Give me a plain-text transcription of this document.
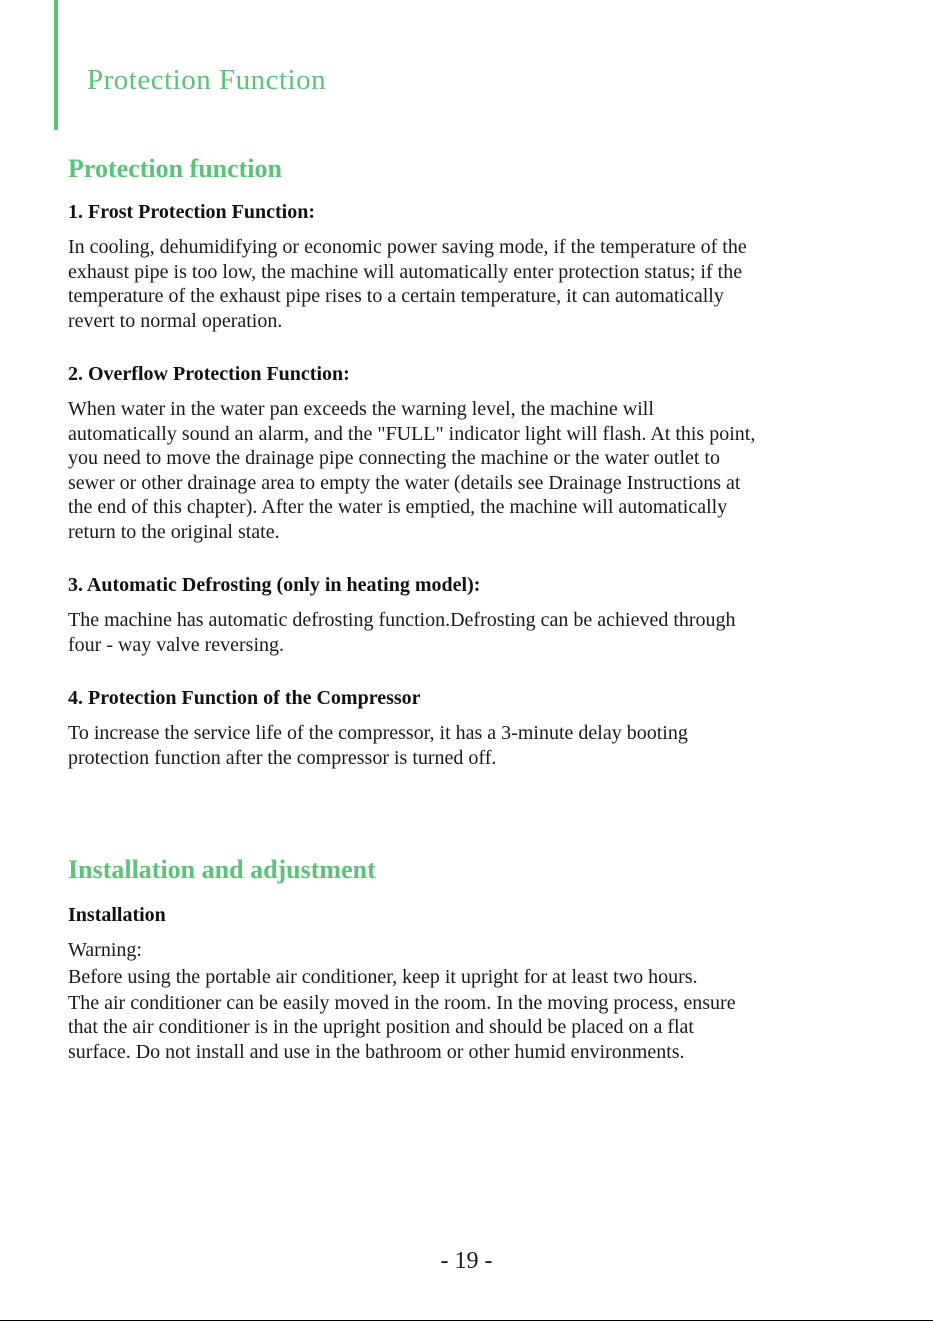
Protection Function
Protection function
1. Frost Protection Function:
In cooling, dehumidifying or economic power saving mode, if the temperature of the
exhaust pipe is too low, the machine will automatically enter protection status; if the
temperature of the exhaust pipe rises to a certain temperature, it can automatically
revert to normal operation.
2. Overflow Protection Function:
When water in the water pan exceeds the warning level, the machine will
automatically sound an alarm, and the "FULL" indicator light will flash. At this point,
you need to move the drainage pipe connecting the machine or the water outlet to
sewer or other drainage area to empty the water (details see Drainage Instructions at
the end of this chapter). After the water is emptied, the machine will automatically
return to the original state.
3. Automatic Defrosting (only in heating model):
The machine has automatic defrosting function.Defrosting can be achieved through
four - way valve reversing.
4. Protection Function of the Compressor
To increase the service life of the compressor, it has a 3-minute delay booting
protection function after the compressor is turned off.
Installation and adjustment
Installation
Warning:
Before using the portable air conditioner, keep it upright for at least two hours.
The air conditioner can be easily moved in the room. In the moving process, ensure
that the air conditioner is in the upright position and should be placed on a flat
surface. Do not install and use in the bathroom or other humid environments.

- 19 -
